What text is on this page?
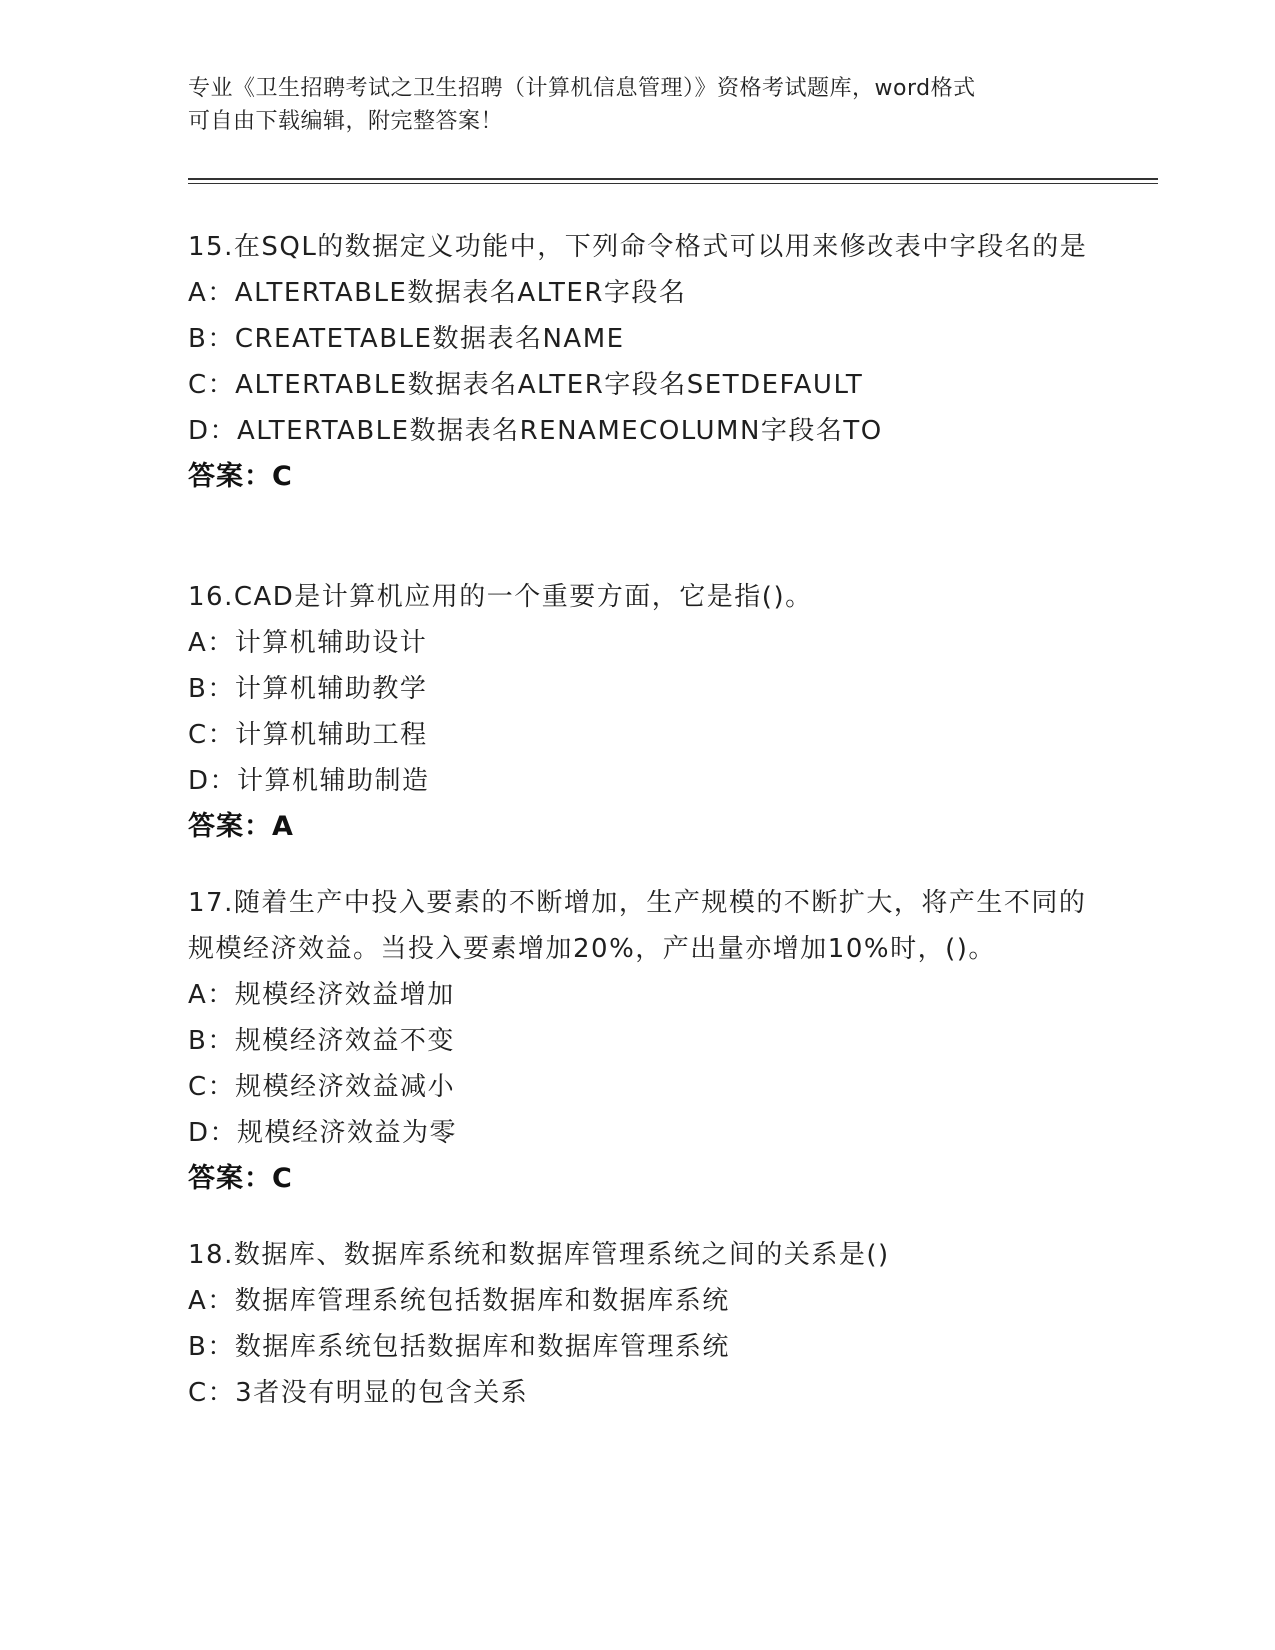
专业《卫生招聘考试之卫生招聘（计算机信息管理）》资格考试题库，word格式
可自由下载编辑，附完整答案！
15.在SQL的数据定义功能中，下列命令格式可以用来修改表中字段名的是
A：ALTERTABLE数据表名ALTER字段名
B：CREATETABLE数据表名NAME
C：ALTERTABLE数据表名ALTER字段名SETDEFAULT
D：ALTERTABLE数据表名RENAMECOLUMN字段名TO
答案：C
16.CAD是计算机应用的一个重要方面，它是指()。
A：计算机辅助设计
B：计算机辅助教学
C：计算机辅助工程
D：计算机辅助制造
答案：A
17.随着生产中投入要素的不断增加，生产规模的不断扩大，将产生不同的规模经济效益。当投入要素增加20%，产出量亦增加10%时，()。
A：规模经济效益增加
B：规模经济效益不变
C：规模经济效益减小
D：规模经济效益为零
答案：C
18.数据库、数据库系统和数据库管理系统之间的关系是()
A：数据库管理系统包括数据库和数据库系统
B：数据库系统包括数据库和数据库管理系统
C：3者没有明显的包含关系
